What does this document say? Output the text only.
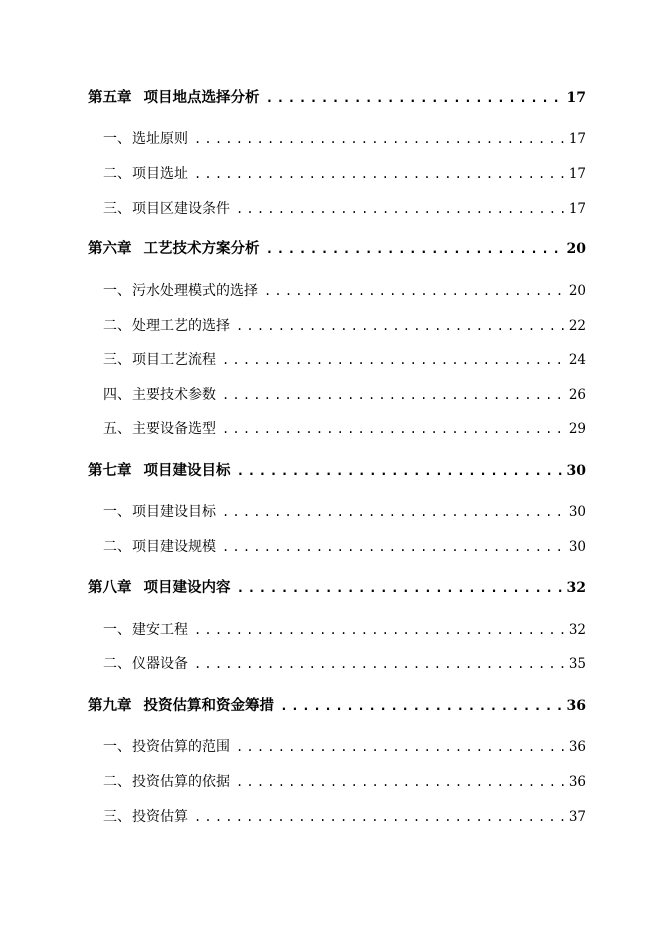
第五章 项目地点选择分析 .....	17
一、 选址原则 .....	17
二、 项目选址 .....	17
三、 项目区建设条件 .....	17
第六章 工艺技术方案分析 .....	20
一、 污水处理模式的选择 .....	20
二、 处理工艺的选择 .....	22
三、 项目工艺流程 .....	24
四、 主要技术参数 .....	26
五、 主要设备选型 .....	29
第七章 项目建设目标 .....	30
一、 项目建设目标 .....	30
二、 项目建设规模 .....	30
第八章 项目建设内容 .....	32
一、 建安工程 .....	32
二、 仪器设备 .....	35
第九章 投资估算和资金筹措 .....	36
一、 投资估算的范围 .....	36
二、 投资估算的依据 .....	36
三、 投资估算 .....	37
